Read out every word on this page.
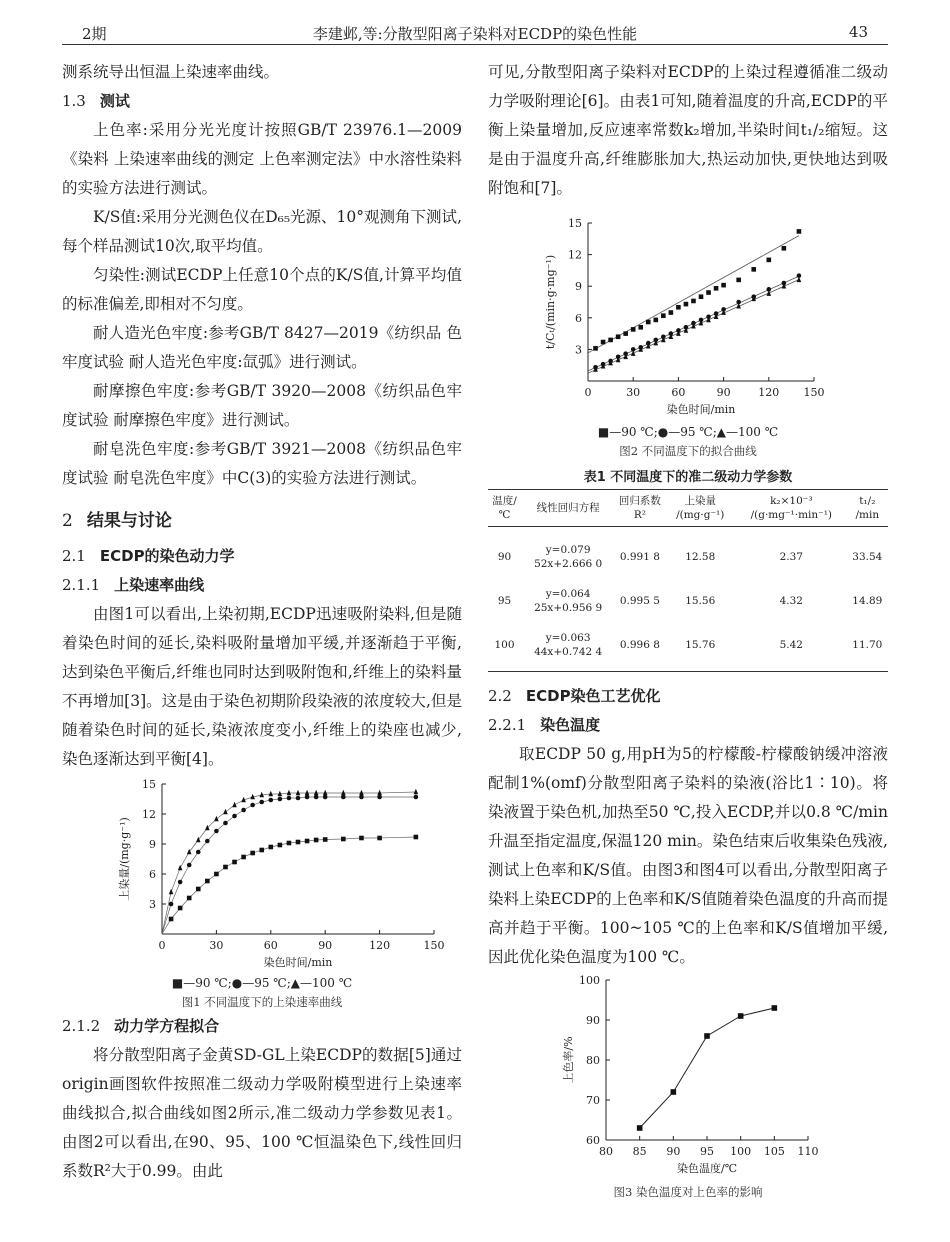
2期	李建邺,等:分散型阳离子染料对ECDP的染色性能	43

测系统导出恒温上染速率曲线。

1.3 测试

上色率:采用分光光度计按照GB/T 23976.1—2009《染料 上染速率曲线的测定 上色率测定法》中水溶性染料的实验方法进行测试。

K/S值:采用分光测色仪在D₆₅光源、10°观测角下测试,每个样品测试10次,取平均值。

匀染性:测试ECDP上任意10个点的K/S值,计算平均值的标准偏差,即相对不匀度。

耐人造光色牢度:参考GB/T 8427—2019《纺织品 色牢度试验 耐人造光色牢度:氙弧》进行测试。

耐摩擦色牢度:参考GB/T 3920—2008《纺织品色牢度试验 耐摩擦色牢度》进行测试。

耐皂洗色牢度:参考GB/T 3921—2008《纺织品色牢度试验 耐皂洗色牢度》中C(3)的实验方法进行测试。

2 结果与讨论
2.1 ECDP的染色动力学
2.1.1 上染速率曲线

由图1可以看出,上染初期,ECDP迅速吸附染料,但是随着染色时间的延长,染料吸附量增加平缓,并逐渐趋于平衡,达到染色平衡后,纤维也同时达到吸附饱和,纤维上的染料量不再增加[3]。这是由于染色初期阶段染液的浓度较大,但是随着染色时间的延长,染液浓度变小,纤维上的染座也减少,染色逐渐达到平衡[4]。

0	30	60	90	120	150
3
6
9
12
15
染色时间/min
上染量/(mg·g⁻¹)
■—90 ℃;●—95 ℃;▲—100 ℃
图1 不同温度下的上染速率曲线
2.1.2 动力学方程拟合

将分散型阳离子金黄SD-GL上染ECDP的数据[5]通过origin画图软件按照准二级动力学吸附模型进行上染速率曲线拟合,拟合曲线如图2所示,准二级动力学参数见表1。由图2可以看出,在90、95、100 ℃恒温染色下,线性回归系数R²大于0.99。由此

可见,分散型阳离子染料对ECDP的上染过程遵循准二级动力学吸附理论[6]。由表1可知,随着温度的升高,ECDP的平衡上染量增加,反应速率常数k₂增加,半染时间t₁/₂缩短。这是由于温度升高,纤维膨胀加大,热运动加快,更快地达到吸附饱和[7]。

0	30	60	90	120 150
3
6
9
12
15
染色时间/min
t/Cₜ/(min·g·mg⁻¹)
■—90 ℃;●—95 ℃;▲—100 ℃
图2 不同温度下的拟合曲线
表1 不同温度下的准二级动力学参数
温度/℃	线性回归方程	回归系数 R²	上染量 /(mg·g⁻¹)	k₂×10⁻³ /(g·mg⁻¹·min⁻¹)	t₁/₂ /min
90	y=0.079 52x+2.666 0	0.991 8	12.58	2.37	33.54
95	y=0.064 25x+0.956 9	0.995 5	15.56	4.32	14.89
100	y=0.063 44x+0.742 4	0.996 8	15.76	5.42	11.70
2.2 ECDP染色工艺优化
2.2.1 染色温度

取ECDP 50 g,用pH为5的柠檬酸-柠檬酸钠缓冲溶液配制1%(omf)分散型阳离子染料的染液(浴比1∶10)。将染液置于染色机,加热至50 ℃,投入ECDP,并以0.8 ℃/min升温至指定温度,保温120 min。染色结束后收集染色残液,测试上色率和K/S值。由图3和图4可以看出,分散型阳离子染料上染ECDP的上色率和K/S值随着染色温度的升高而提高并趋于平衡。100~105 ℃的上色率和K/S值增加平缓,因此优化染色温度为100 ℃。

80 85 90 95 100 105 110
60
70
80
90
100
染色温度/℃
上色率/%
图3 染色温度对上色率的影响
